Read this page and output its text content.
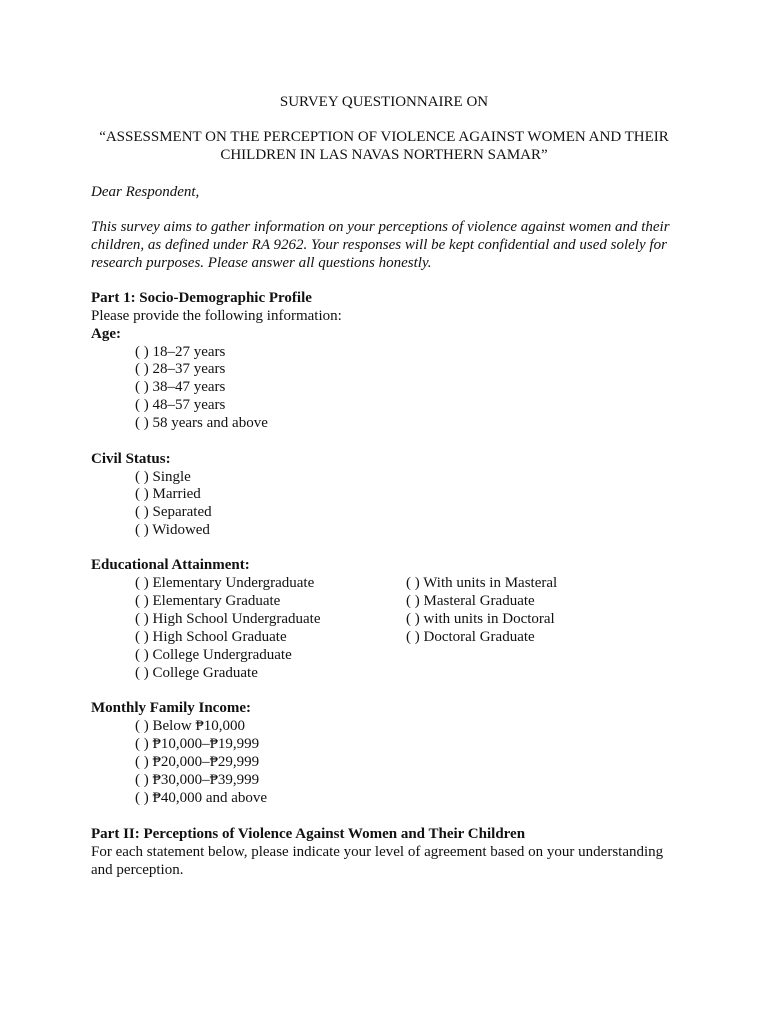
SURVEY QUESTIONNAIRE ON
“ASSESSMENT ON THE PERCEPTION OF VIOLENCE AGAINST WOMEN AND THEIR
CHILDREN IN LAS NAVAS NORTHERN SAMAR”
Dear Respondent,
This survey aims to gather information on your perceptions of violence against women and their
children, as defined under RA 9262. Your responses will be kept confidential and used solely for
research purposes. Please answer all questions honestly.
Part 1: Socio-Demographic Profile
Please provide the following information:
Age:
( ) 18–27 years
( ) 28–37 years
( ) 38–47 years
( ) 48–57 years
( ) 58 years and above
Civil Status:
( ) Single
( ) Married
( ) Separated
( ) Widowed
Educational Attainment:
( ) Elementary Undergraduate
( ) Elementary Graduate
( ) High School Undergraduate
( ) High School Graduate
( ) College Undergraduate
( ) College Graduate
( ) With units in Masteral
( ) Masteral Graduate
( ) with units in Doctoral
( ) Doctoral Graduate
Monthly Family Income:
( ) Below ₱10,000
( ) ₱10,000–₱19,999
( ) ₱20,000–₱29,999
( ) ₱30,000–₱39,999
( ) ₱40,000 and above
Part II: Perceptions of Violence Against Women and Their Children
For each statement below, please indicate your level of agreement based on your understanding
and perception.
